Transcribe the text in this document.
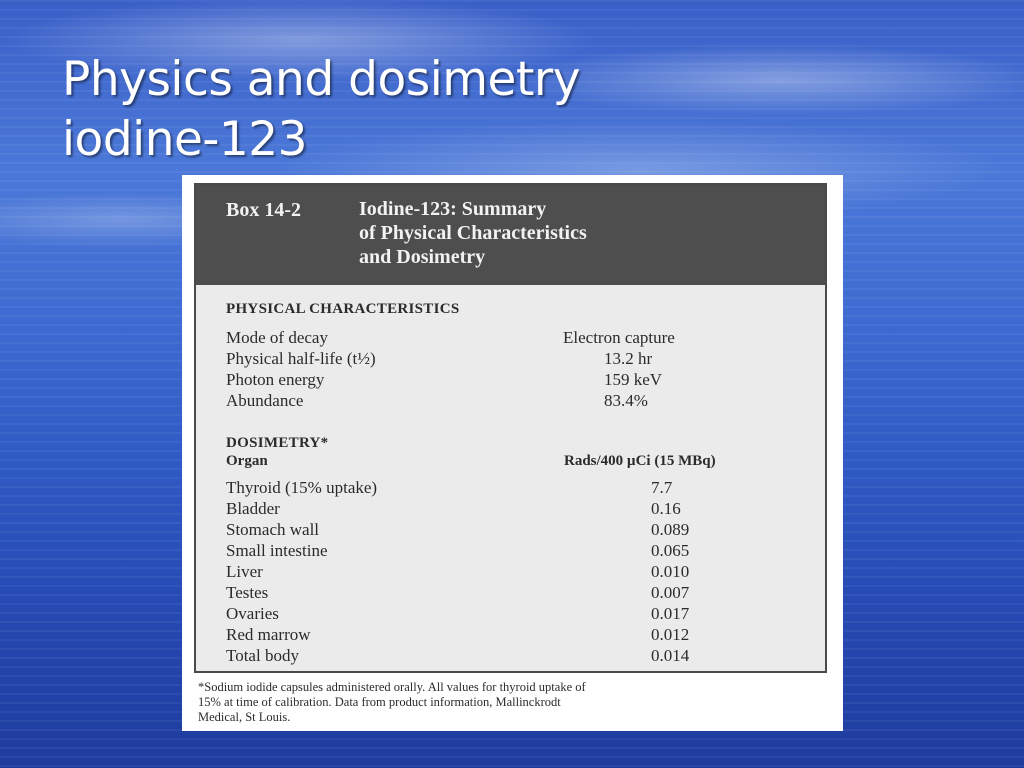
Physics and dosimetry
iodine-123
Box 14-2	Iodine-123: Summary
of Physical Characteristics
and Dosimetry
PHYSICAL CHARACTERISTICS
Mode of decay	Electron capture
Physical half-life (t½)	13.2 hr
Photon energy	159 keV
Abundance	83.4%
DOSIMETRY*
Organ	Rads/400 µCi (15 MBq)
Thyroid (15% uptake)	7.7
Bladder	0.16
Stomach wall	0.089
Small intestine	0.065
Liver	0.010
Testes	0.007
Ovaries	0.017
Red marrow	0.012
Total body	0.014
*Sodium iodide capsules administered orally. All values for thyroid uptake of
15% at time of calibration. Data from product information, Mallinckrodt
Medical, St Louis.
